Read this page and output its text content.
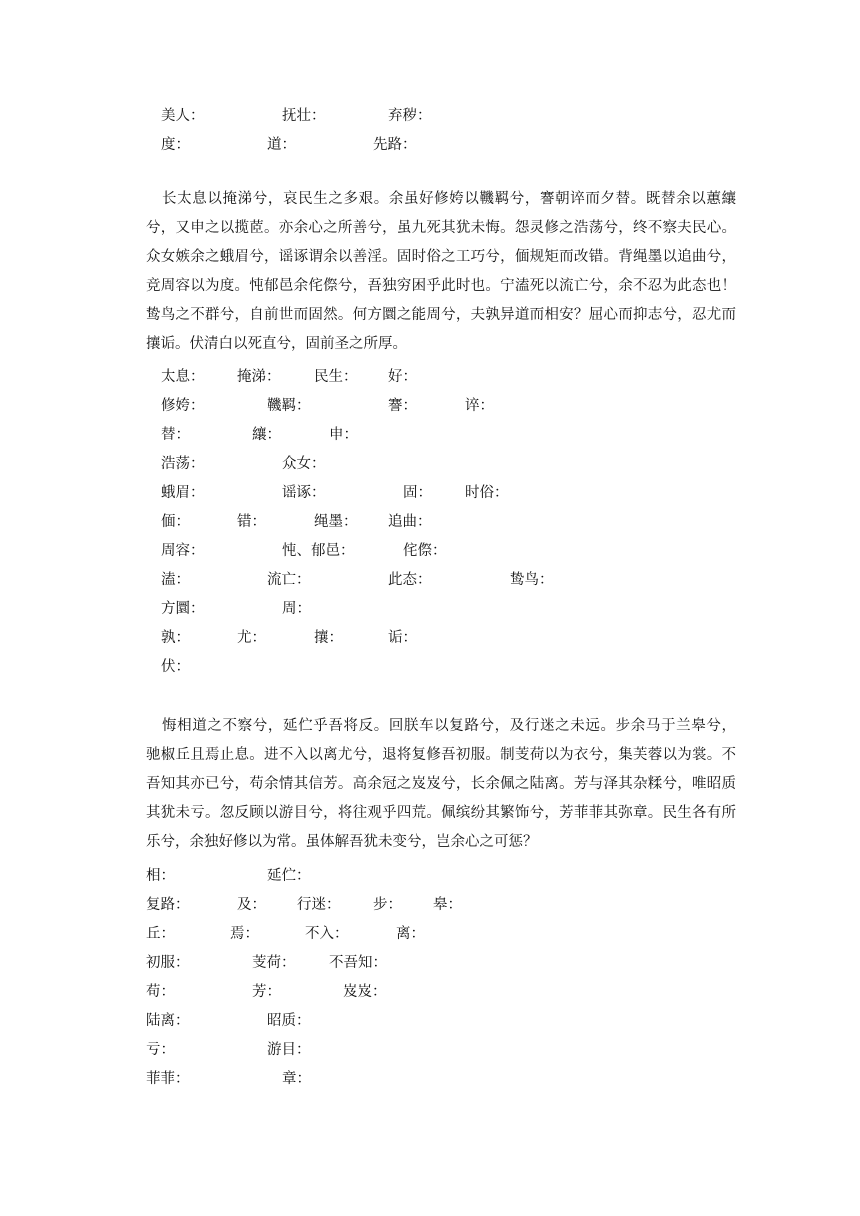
美人：	抚壮：	弃秽：
度：	道：	先路：

长太息以掩涕兮，哀民生之多艰。余虽好修姱以鞿羁兮，謇朝谇而夕替。既替余以蕙纕

兮，又申之以揽茝。亦余心之所善兮，虽九死其犹未悔。怨灵修之浩荡兮，终不察夫民心。

众女嫉余之蛾眉兮，谣诼谓余以善淫。固时俗之工巧兮，偭规矩而改错。背绳墨以追曲兮，

竞周容以为度。忳郁邑余侘傺兮，吾独穷困乎此时也。宁溘死以流亡兮，余不忍为此态也！

鸷鸟之不群兮，自前世而固然。何方圜之能周兮，夫孰异道而相安？屈心而抑志兮，忍尤而

攘诟。伏清白以死直兮，固前圣之所厚。

太息： 掩涕： 民生： 好：
修姱：	鞿羁：	謇：	谇：
替：	纕：	申：
浩荡：	众女：
蛾眉：	谣诼：	固： 时俗：
偭：	错：	绳墨： 追曲：
周容：	忳、郁邑：	侘傺：
溘：	流亡：	此态：	鸷鸟：
方圜：	周：
孰：	尤：	攘：	诟：
伏：

悔相道之不察兮，延伫乎吾将反。回朕车以复路兮，及行迷之未远。步余马于兰皋兮，

驰椒丘且焉止息。进不入以离尤兮，退将复修吾初服。制芰荷以为衣兮，集芙蓉以为裳。不

吾知其亦已兮，苟余情其信芳。高余冠之岌岌兮，长余佩之陆离。芳与泽其杂糅兮，唯昭质

其犹未亏。忽反顾以游目兮，将往观乎四荒。佩缤纷其繁饰兮，芳菲菲其弥章。民生各有所

乐兮，余独好修以为常。虽体解吾犹未变兮，岂余心之可惩？

相：	延伫：
复路：	及： 行迷： 步： 皋：
丘：	焉：	不入：	离：
初服：	芰荷： 不吾知：
苟：	芳：	岌岌：
陆离：	昭质：
亏：	游目：
菲菲：	章：
